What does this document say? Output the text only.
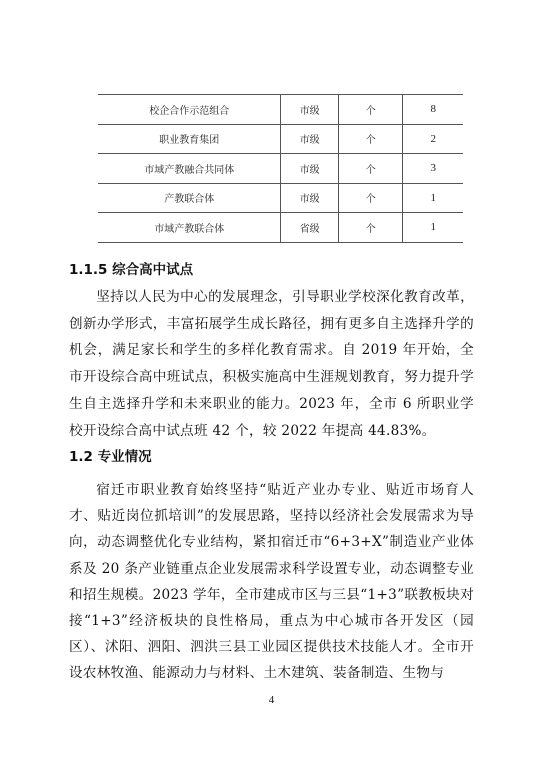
校企合作示范组合	市级	个	8
职业教育集团	市级	个	2
市域产教融合共同体	市级	个	3
产教联合体	市级	个	1
市域产教联合体	省级	个	1
1.1.5 综合高中试点

坚持以人民为中心的发展理念，引导职业学校深化教育改革，创新办学形式，丰富拓展学生成长路径，拥有更多自主选择升学的机会，满足家长和学生的多样化教育需求。自 2019 年开始，全市开设综合高中班试点，积极实施高中生涯规划教育，努力提升学生自主选择升学和未来职业的能力。2023 年，全市 6 所职业学校开设综合高中试点班 42 个，较 2022 年提高 44.83%。

1.2 专业情况

宿迁市职业教育始终坚持“贴近产业办专业、贴近市场育人才、贴近岗位抓培训”的发展思路，坚持以经济社会发展需求为导向，动态调整优化专业结构，紧扣宿迁市“6+3+X”制造业产业体系及 20 条产业链重点企业发展需求科学设置专业，动态调整专业和招生规模。2023 学年，全市建成市区与三县“1+3”联教板块对接“1+3”经济板块的良性格局，重点为中心城市各开发区（园区）、沭阳、泗阳、泗洪三县工业园区提供技术技能人才。全市开设农林牧渔、能源动力与材料、土木建筑、装备制造、生物与

4
